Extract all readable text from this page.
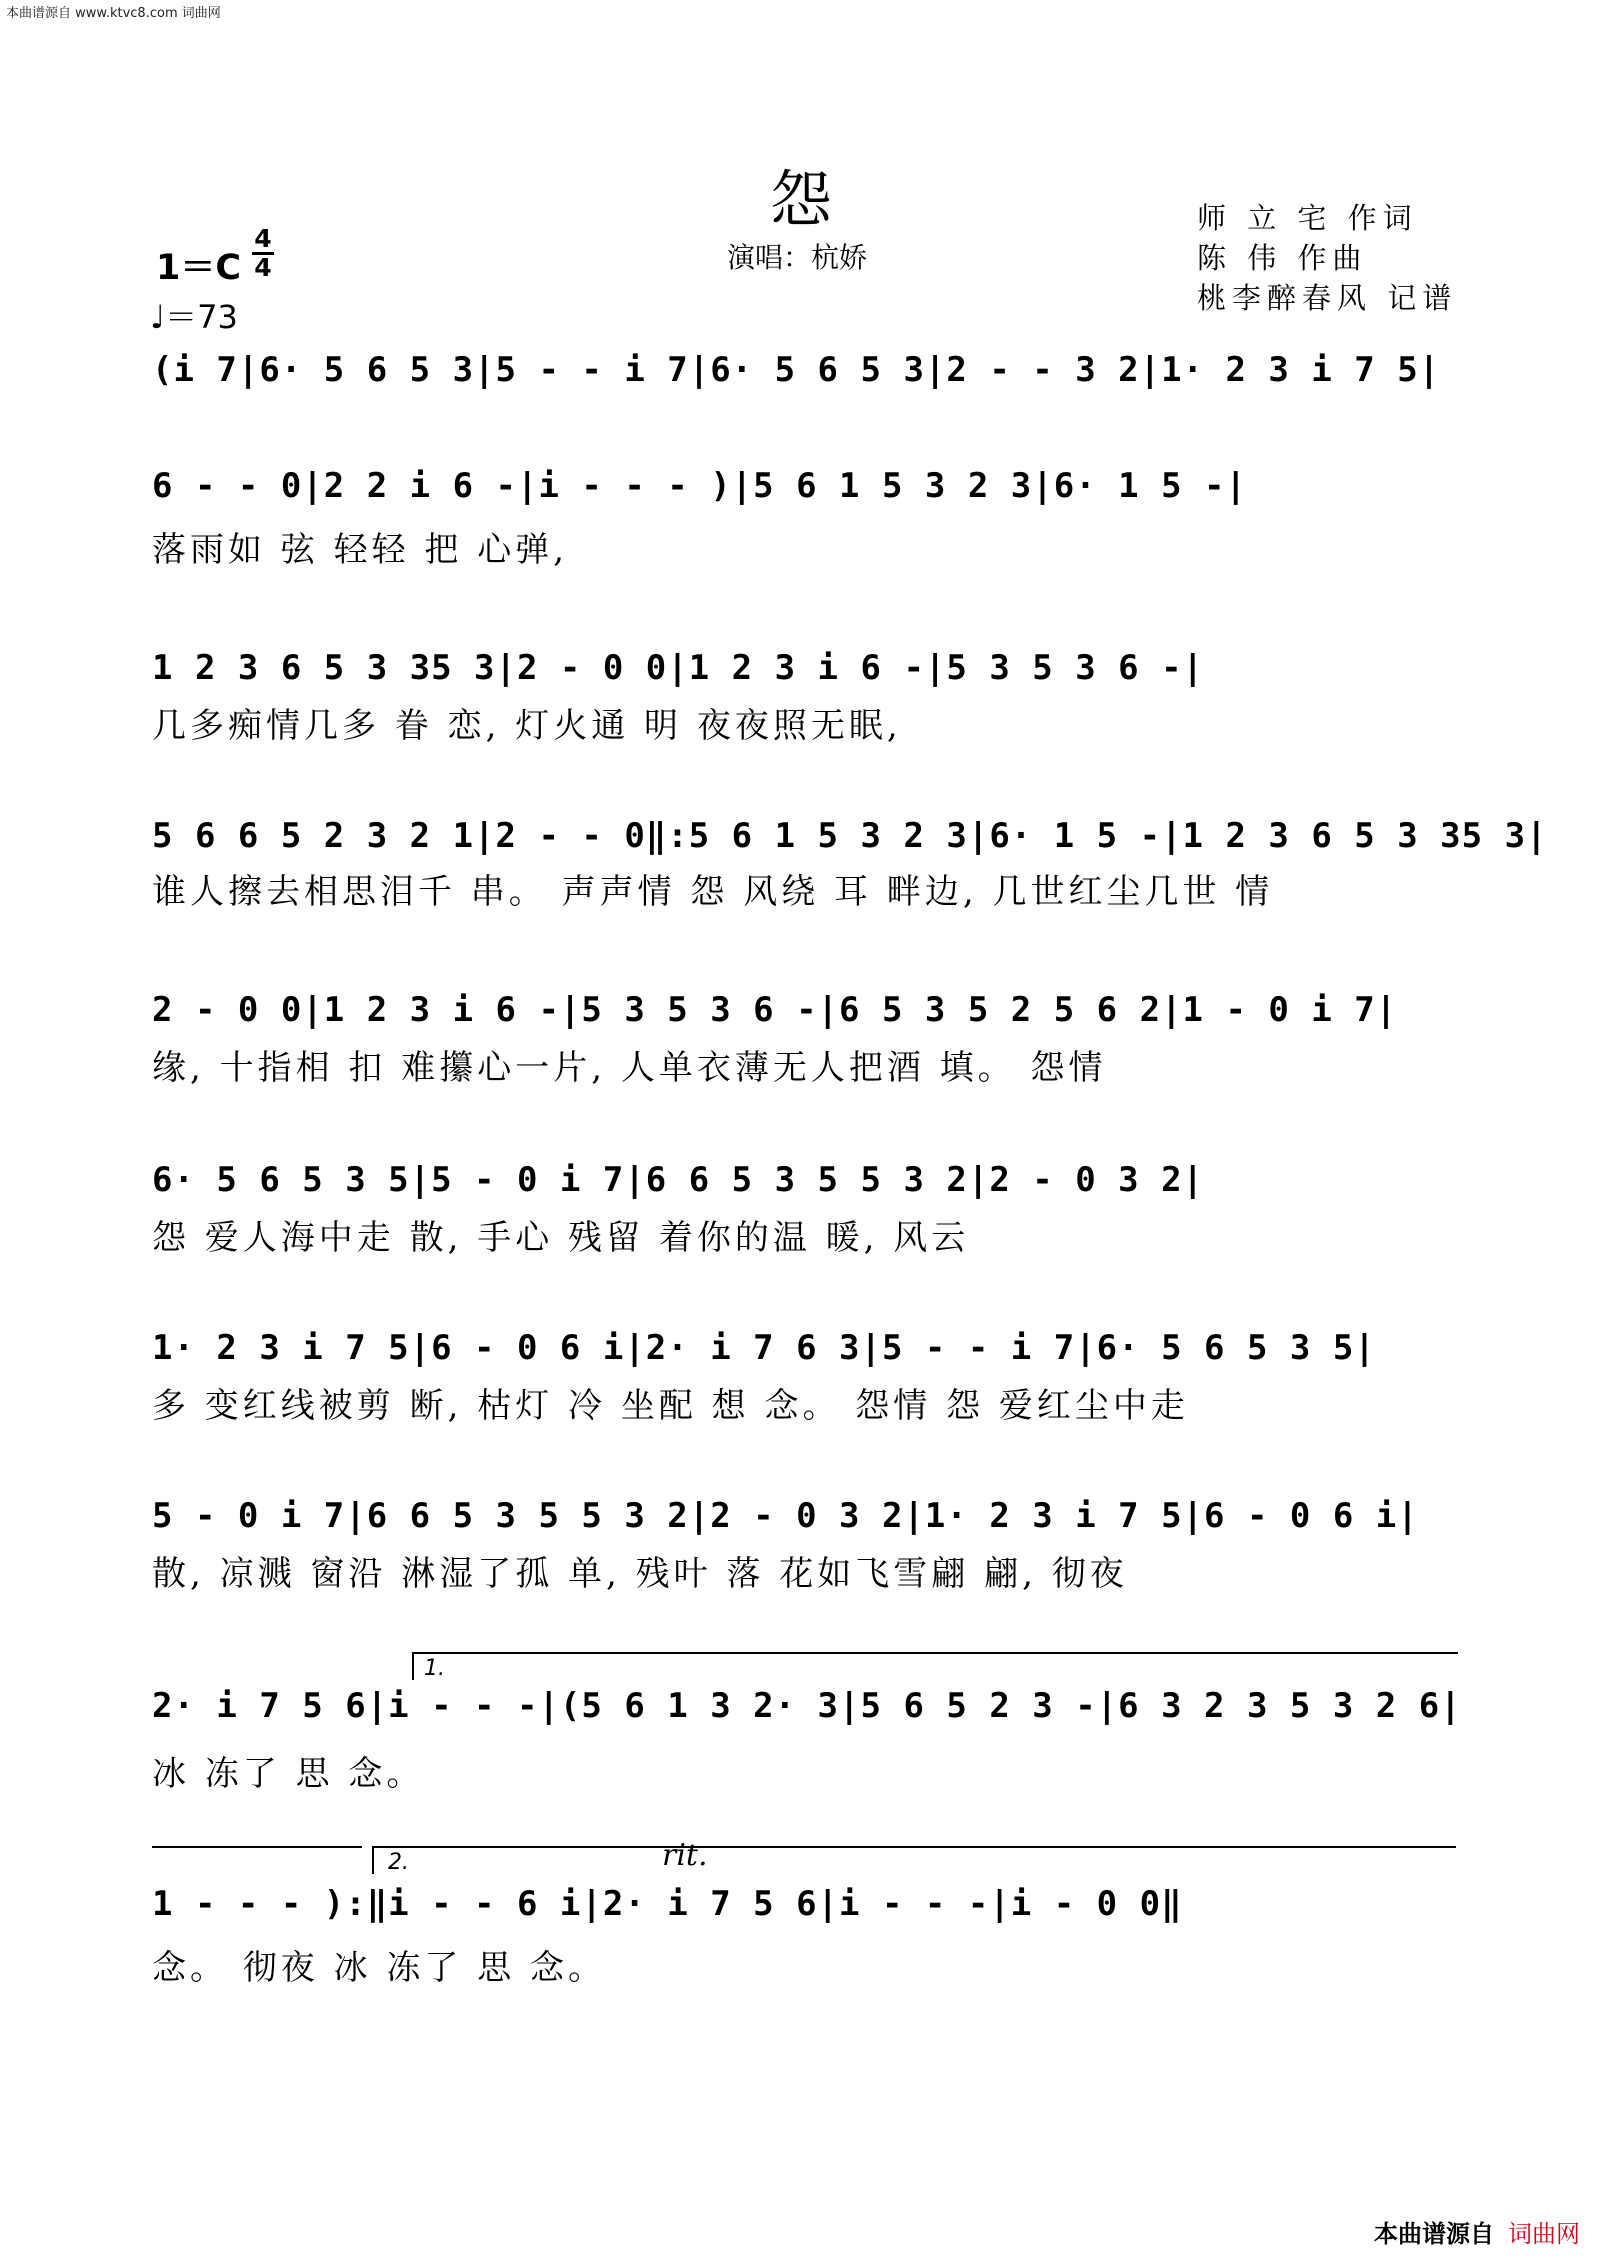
本曲谱源自 www.ktvc8.com 词曲网
怨
演唱：杭娇
师 立 宅 作词
陈 伟 作曲
桃李醉春风 记谱
1＝C
4
4
♩＝73
(i 7|6· 5 6 5 3|5 - - i 7|6· 5 6 5 3|2 - - 3 2|1· 2 3 i 7 5|
6 - - 0|2 2 i 6 -|i - - - )|5 6 1 5 3 2 3|6· 1 5 -|
落雨如 弦 轻轻 把 心弹,
1 2 3 6 5 3 35 3|2 - 0 0|1 2 3 i 6 -|5 3 5 3 6 -|
几多痴情几多 眷 恋, 灯火通 明 夜夜照无眠,
5 6 6 5 2 3 2 1|2 - - 0‖:5 6 1 5 3 2 3|6· 1 5 -|1 2 3 6 5 3 35 3|
谁人擦去相思泪千 串。 声声情 怨 风绕 耳 畔边, 几世红尘几世 情
2 - 0 0|1 2 3 i 6 -|5 3 5 3 6 -|6 5 3 5 2 5 6 2|1 - 0 i 7|
缘, 十指相 扣 难攥心一片, 人单衣薄无人把酒 填。 怨情
6· 5 6 5 3 5|5 - 0 i 7|6 6 5 3 5 5 3 2|2 - 0 3 2|
怨 爱人海中走 散, 手心 残留 着你的温 暖, 风云
1· 2 3 i 7 5|6 - 0 6 i|2· i 7 6 3|5 - - i 7|6· 5 6 5 3 5|
多 变红线被剪 断, 枯灯 冷 坐配 想 念。 怨情 怨 爱红尘中走
5 - 0 i 7|6 6 5 3 5 5 3 2|2 - 0 3 2|1· 2 3 i 7 5|6 - 0 6 i|
散, 凉溅 窗沿 淋湿了孤 单, 残叶 落 花如飞雪翩 翩, 彻夜
1.
2· i 7 5 6|i - - -|(5 6 1 3 2· 3|5 6 5 2 3 -|6 3 2 3 5 3 2 6|
冰 冻了 思 念。
2.	rit.
1 - - - ):‖i - - 6 i|2· i 7 5 6|i - - -|i - 0 0‖
念。 彻夜 冰 冻了 思 念。
本曲谱源自 词曲网
